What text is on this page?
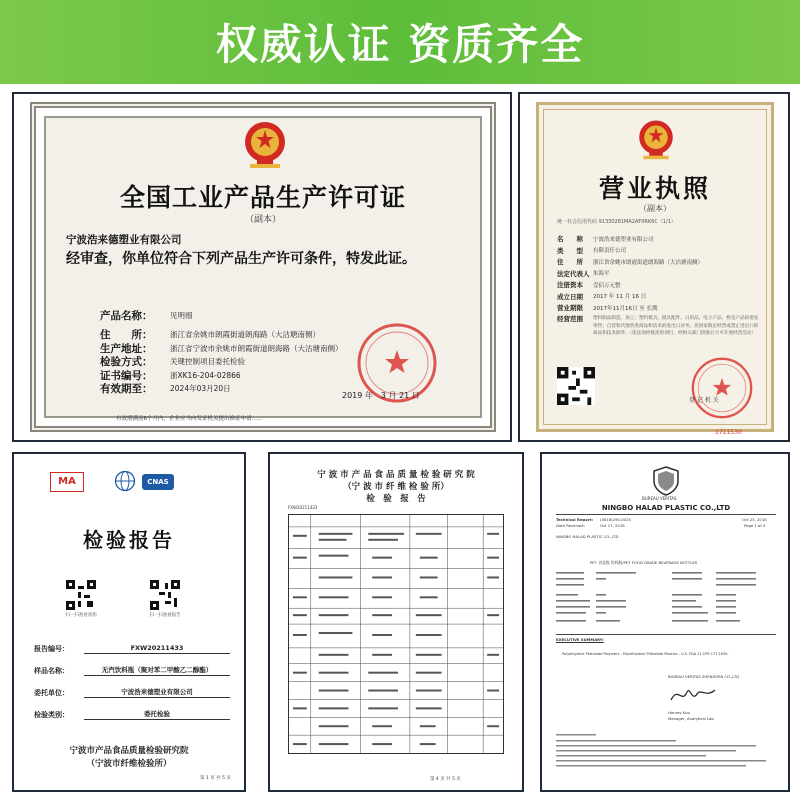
权威认证 资质齐全
全国工业产品生产许可证
（副本）
宁波浩来德塑业有限公司
经审查，你单位符合下列产品生产许可条件，特发此证。
产品名称：	见明细
住　　所：	浙江省余姚市朗霞街道朗海路（大沽塘南侧）
生产地址：	浙江省宁波市余姚市朗霞街道朗海路（大沽塘南侧）
检验方式：	关键控制项目委托检验
证书编号：	浙XK16-204-02866
有效期至：	2024年03月20日
2019 年　3 月 21 日
有效期满前6个月内，企业应当向发证机关提出换证申请……
营业执照
（副本）
统一社会信用代码 91330281MA2AF0RK6C（1/1）
名　　称	宁波浩来德塑业有限公司
类　　型	有限责任公司
住　　所	浙江省余姚市朗霞街道朗海路（大沽塘南侧）
法定代表人 朱海平
注册资本	壹佰万元整
成立日期	2017 年 11 月 16 日
营业期限	2017年11月16日 至 长期
经营范围	塑料制品制造、加工；塑料模具、模具配件、日用品、电子产品、机电产品的批发零售；自营和代理各类商品和技术的进出口业务，但国家限定经营或禁止进出口的商品和技术除外。（依法须经批准的项目，经相关部门批准后方可开展经营活动）
登 记 机 关
1711530
MA	CNAS
检验报告
扫一扫查看真伪	扫一扫查看报告
报告编号：	FXW20211433
样品名称：	无汽饮料瓶（聚对苯二甲酸乙二醇酯）
委托单位：	宁波浩来德塑业有限公司
检验类别：	委托检验
宁波市产品食品质量检验研究院
（宁波市纤维检验所）
第 1 页 共 5 页
宁 波 市 产 品 食 品 质 量 检 验 研 究 院
（宁 波 市 纤 维 检 验 所）
检　验　报　告
FXW20211433
第 4 页 共 5 页
BUREAU VERITAS
NINGBO HALAD PLASTIC CO.,LTD
Technical Report: (0818)290-0025
Date Received:	Oct 17, 2018
Oct 23, 2018
Page 1 of 4
NINGBO HALAD PLASTIC CO.,LTD
PET 食品级 饮料瓶/PET FOOD GRADE BEVERAGE BOTTLES
EXECUTIVE SUMMARY:
Polyethylene Phthalate Polymers - Polyethylene Phthalate Plastics - U.S. FDA 21 CFR 177.1630.
BUREAU VERITAS SHENZHEN CO.,LTD
Harvey Kuo
Manager, Analytical Lab
